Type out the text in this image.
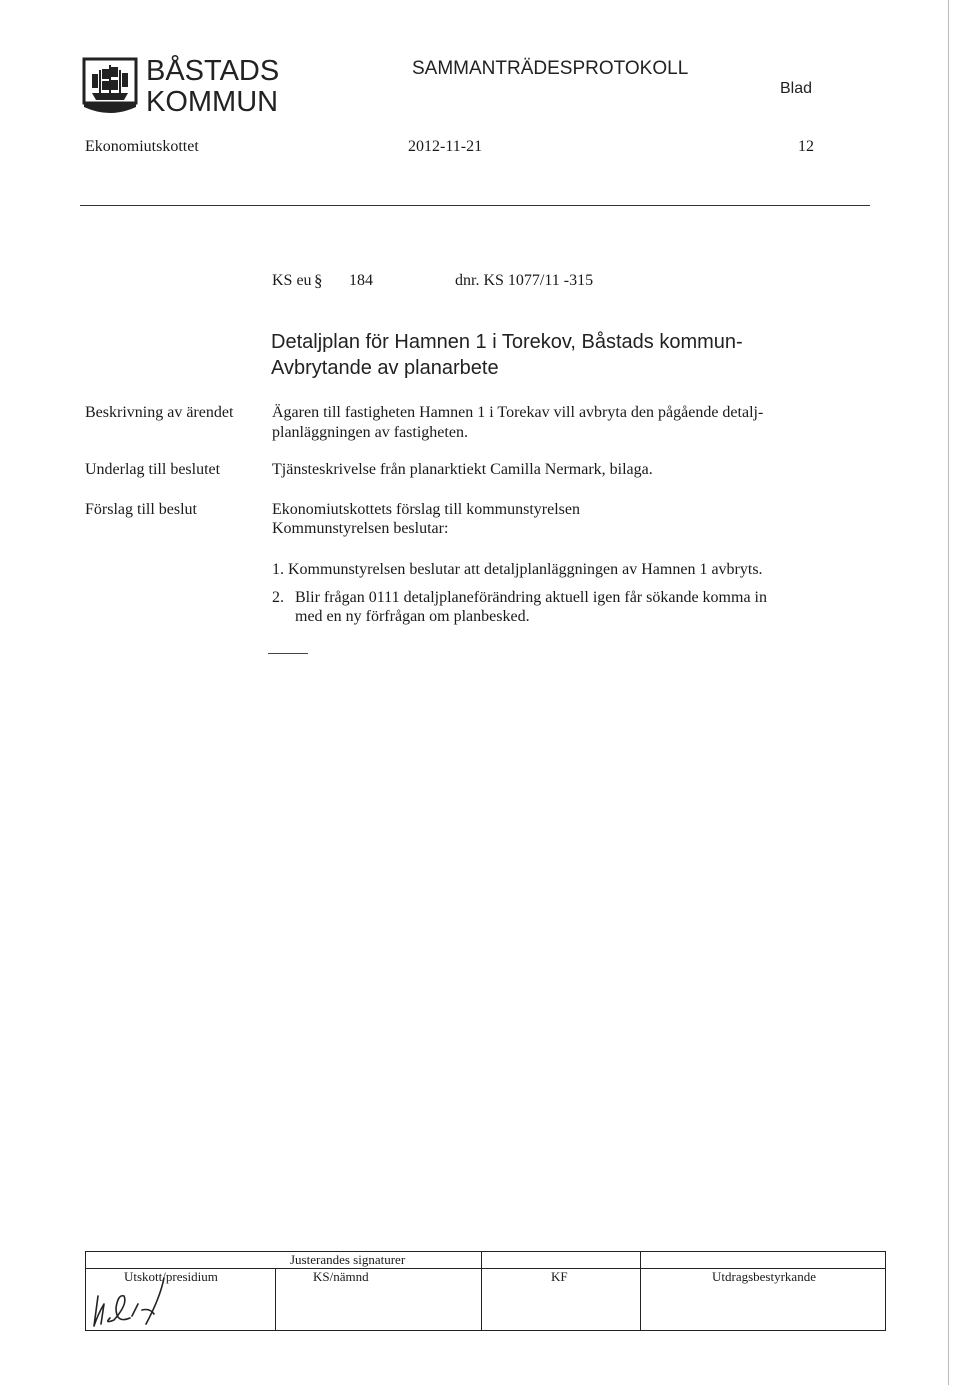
BÅSTADS
KOMMUN
SAMMANTRÄDESPROTOKOLL
Blad
Ekonomiutskottet	2012-11-21	12
KS eu § 184	dnr. KS 1077/11 -315
Detaljplan för Hamnen 1 i Torekov, Båstads kommun-
Avbrytande av planarbete
Beskrivning av ärendet Ägaren till fastigheten Hamnen 1 i Torekav vill avbryta den pågående detalj-
planläggningen av fastigheten.
Underlag till beslutet	Tjänsteskrivelse från planarktiekt Camilla Nermark, bilaga.
Förslag till beslut	Ekonomiutskottets förslag till kommunstyrelsen
Kommunstyrelsen beslutar:
1. Kommunstyrelsen beslutar att detaljplanläggningen av Hamnen 1 avbryts.
2. Blir frågan 0111 detaljplaneförändring aktuell igen får sökande komma in
med en ny förfrågan om planbesked.
Justerandes signaturer
Utskott/presidium	KS/nämnd	KF	Utdragsbestyrkande
